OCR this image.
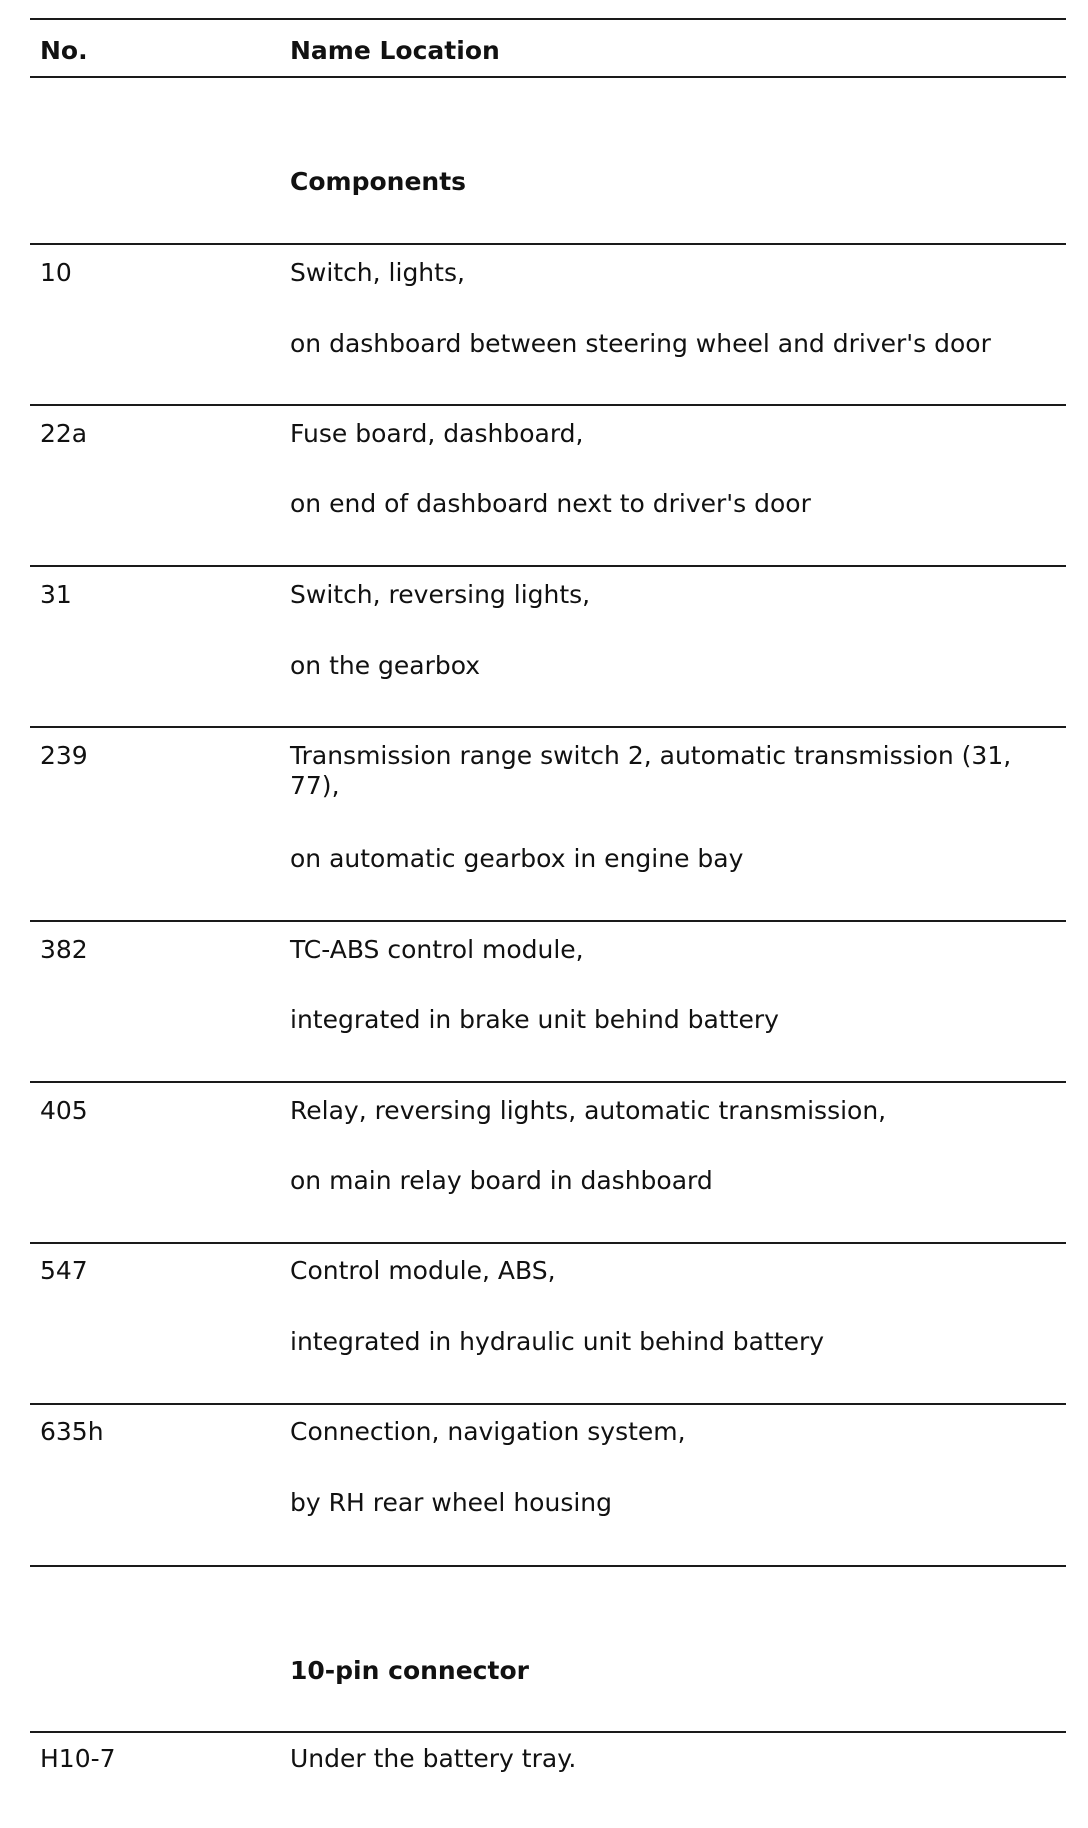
No.	Name Location
Components
10	Switch, lights,
on dashboard between steering wheel and driver's door
22a	Fuse board, dashboard,
on end of dashboard next to driver's door
31	Switch, reversing lights,
on the gearbox
239	Transmission range switch 2, automatic transmission (31, 77),
on automatic gearbox in engine bay
382	TC-ABS control module,
integrated in brake unit behind battery
405	Relay, reversing lights, automatic transmission,
on main relay board in dashboard
547	Control module, ABS,
integrated in hydraulic unit behind battery
635h	Connection, navigation system,
by RH rear wheel housing
10-pin connector
H10-7	Under the battery tray.
